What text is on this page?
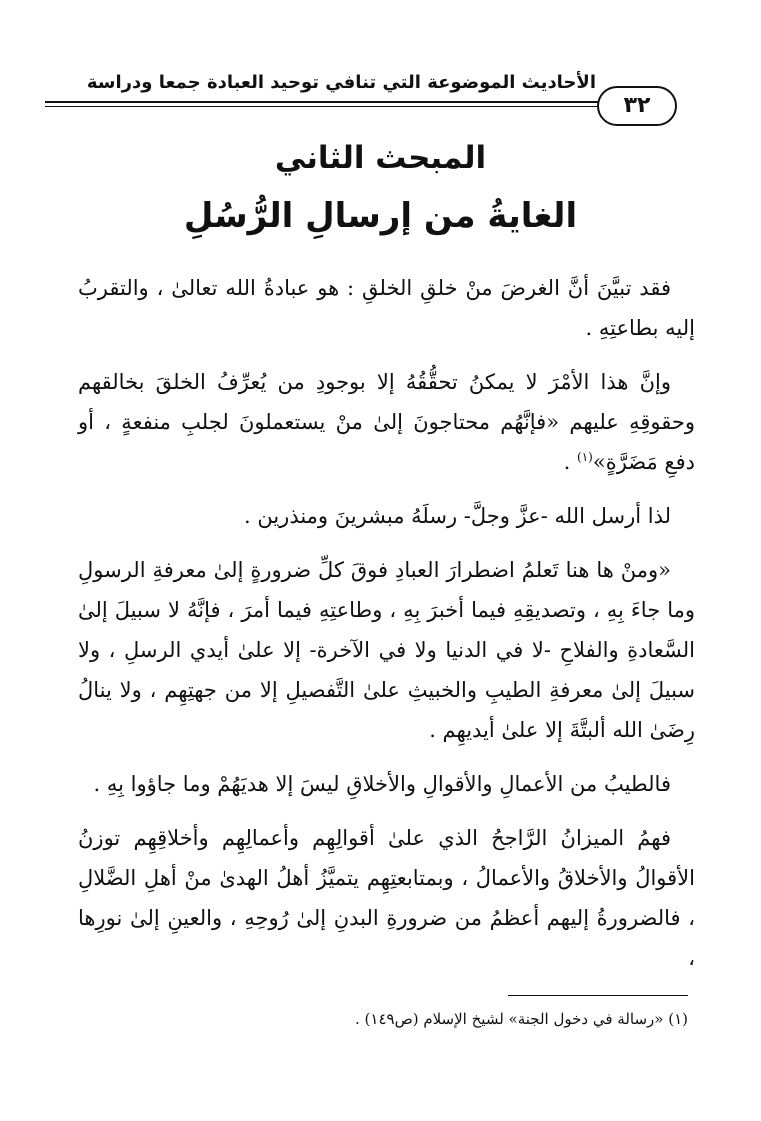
الأحاديث الموضوعة التي تنافي توحيد العبادة جمعا ودراسة
٣٢
المبحث الثاني
الغايةُ من إرسالِ الرُّسُلِ

فقد تبيَّنَ أنَّ الغرضَ منْ خلقِ الخلقِ : هو عبادةُ الله تعالىٰ ، والتقربُ إليه بطاعتِهِ .

وإنَّ هذا الأمْرَ لا يمكنُ تحقُّقُهُ إلا بوجودِ من يُعرِّفُ الخلقَ بخالقهم وحقوقِهِ عليهم «فإنَّهُم محتاجونَ إلىٰ منْ يستعملونَ لجلبِ منفعةٍ ، أو دفعِ مَضَرَّةٍ»$^{(١)}$ .

لذا أرسل الله -عزَّ وجلَّ- رسلَهُ مبشرينَ ومنذرين .

«ومنْ ها هنا تَعلمُ اضطرارَ العبادِ فوقَ كلِّ ضرورةٍ إلىٰ معرفةِ الرسولِ وما جاءَ بِهِ ، وتصديقِهِ فيما أخبرَ بِهِ ، وطاعتِهِ فيما أمرَ ، فإنَّهُ لا سبيلَ إلىٰ السَّعادةِ والفلاحِ -لا في الدنيا ولا في الآخرة- إلا علىٰ أيدي الرسلِ ، ولا سبيلَ إلىٰ معرفةِ الطيبِ والخبيثِ علىٰ التَّفصيلِ إلا من جهتِهِم ، ولا ينالُ رِضَىٰ الله ألبتَّةَ إلا علىٰ أيديهِم .

فالطيبُ من الأعمالِ والأقوالِ والأخلاقِ ليسَ إلا هديَهُمْ وما جاؤوا بِهِ .

فهمُ الميزانُ الرَّاجحُ الذي علىٰ أقوالِهِم وأعمالِهِم وأخلاقِهِم توزنُ الأقوالُ والأخلاقُ والأعمالُ ، وبمتابعتِهِم يتميَّزُ أهلُ الهدىٰ منْ أهلِ الضَّلالِ ، فالضرورةُ إليهم أعظمُ من ضرورةِ البدنِ إلىٰ رُوحِهِ ، والعينِ إلىٰ نورِها ،

(١) «رسالة في دخول الجنة» لشيخ الإسلام (ص١٤٩) .
